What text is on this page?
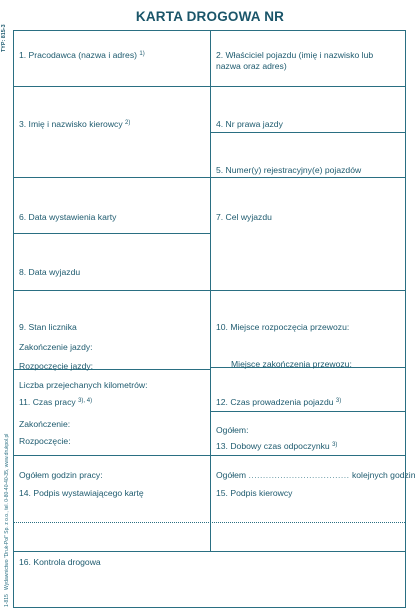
TYP: 815-3
Wydawnictwo "Druk-Pol" Sp. z o.o., tel. 0-80-40-40-35, www.drukpol.pl
1-815
KARTA DROGOWA NR
1. Pracodawca (nazwa i adres) $^{1)}$	2. Właściciel pojazdu (imię i nazwisko lub nazwa oraz adres)
3. Imię i nazwisko kierowcy $^{2)}$	4. Nr prawa jazdy
5. Numer(y) rejestracyjny(e) pojazdów
6. Data wystawienia karty	7. Cel wyjazdu
8. Data wyjazdu
9. Stan licznika
Zakończenie jazdy:
Rozpoczęcie jazdy:
Liczba przejechanych kilometrów:
10. Miejsce rozpoczęcia przewozu:
Miejsce zakończenia przewozu:
11. Czas pracy $^{3), 4)}$
Zakończenie:
Rozpoczęcie:
Ogółem godzin pracy:
12. Czas prowadzenia pojazdu $^{3)}$
Ogółem:
13. Dobowy czas odpoczynku $^{3)}$
Ogółem ................................... kolejnych godzin
14. Podpis wystawiającego kartę	15. Podpis kierowcy
16. Kontrola drogowa
